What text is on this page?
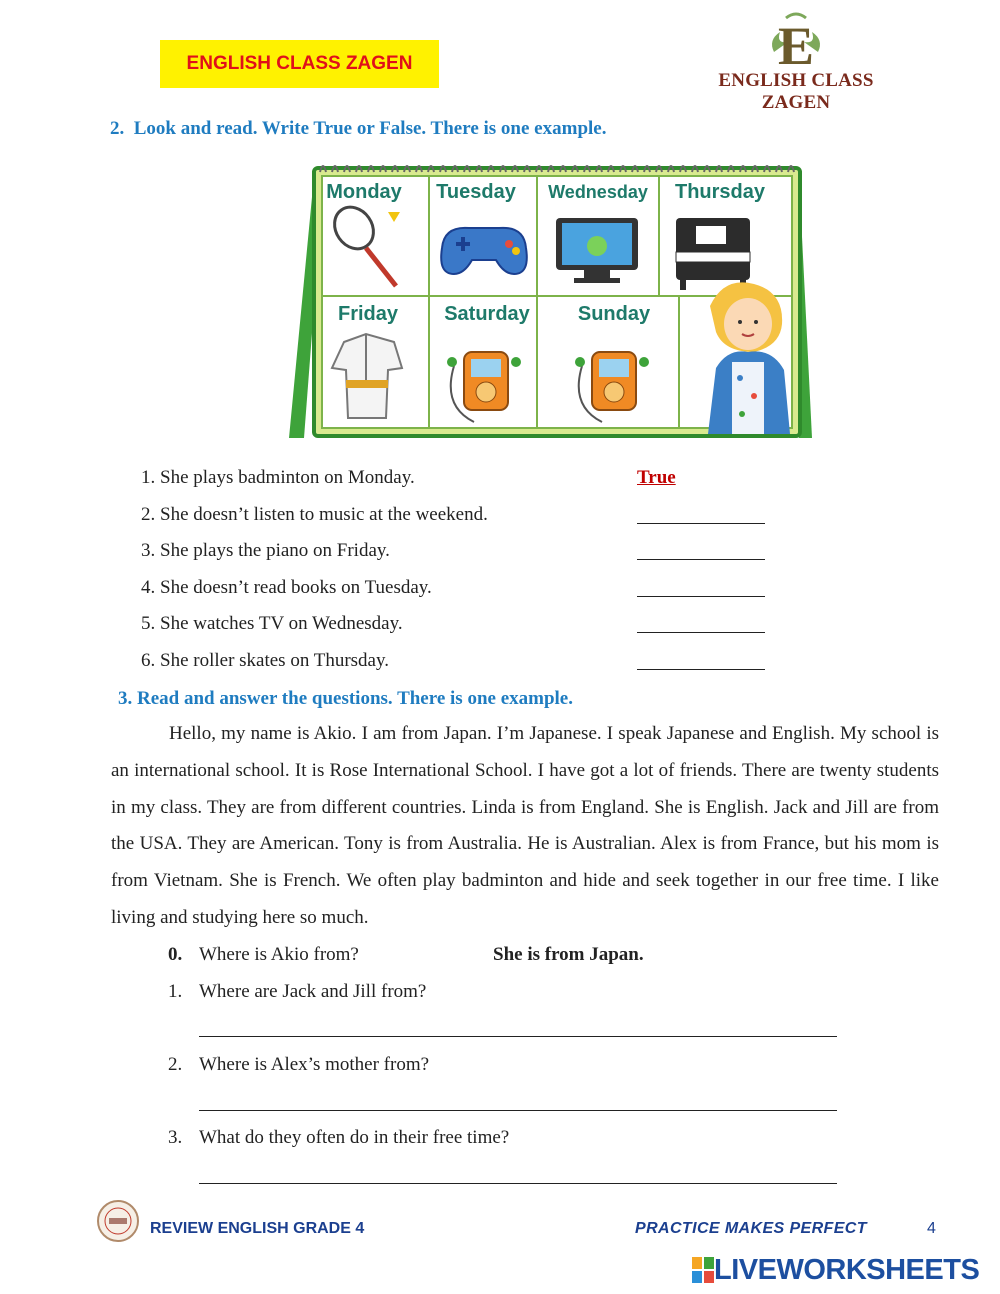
ENGLISH CLASS ZAGEN	E
ENGLISH CLASS ZAGEN
2. Look and read. Write True or False. There is one example.
Monday Tuesday Wednesday Thursday
Friday Saturday Sunday
1. She plays badminton on Monday.	True
2. She doesn’t listen to music at the weekend.
3. She plays the piano on Friday.
4. She doesn’t read books on Tuesday.
5. She watches TV on Wednesday.
6. She roller skates on Thursday.
3. Read and answer the questions. There is one example.
Hello, my name is Akio. I am from Japan. I’m Japanese. I speak Japanese and English. My school is an international school. It is Rose International School. I have got a lot of friends. There are twenty students in my class. They are from different countries. Linda is from England. She is English. Jack and Jill are from the USA. They are American. Tony is from Australia. He is Australian. Alex is from France, but his mom is from Vietnam. She is French. We often play badminton and hide and seek together in our free time. I like living and studying here so much.
0. Where is Akio from?	She is from Japan.
1. Where are Jack and Jill from?
2. Where is Alex’s mother from?
3. What do they often do in their free time?
REVIEW ENGLISH GRADE 4	PRACTICE MAKES PERFECT	4
LIVEWORKSHEETS
